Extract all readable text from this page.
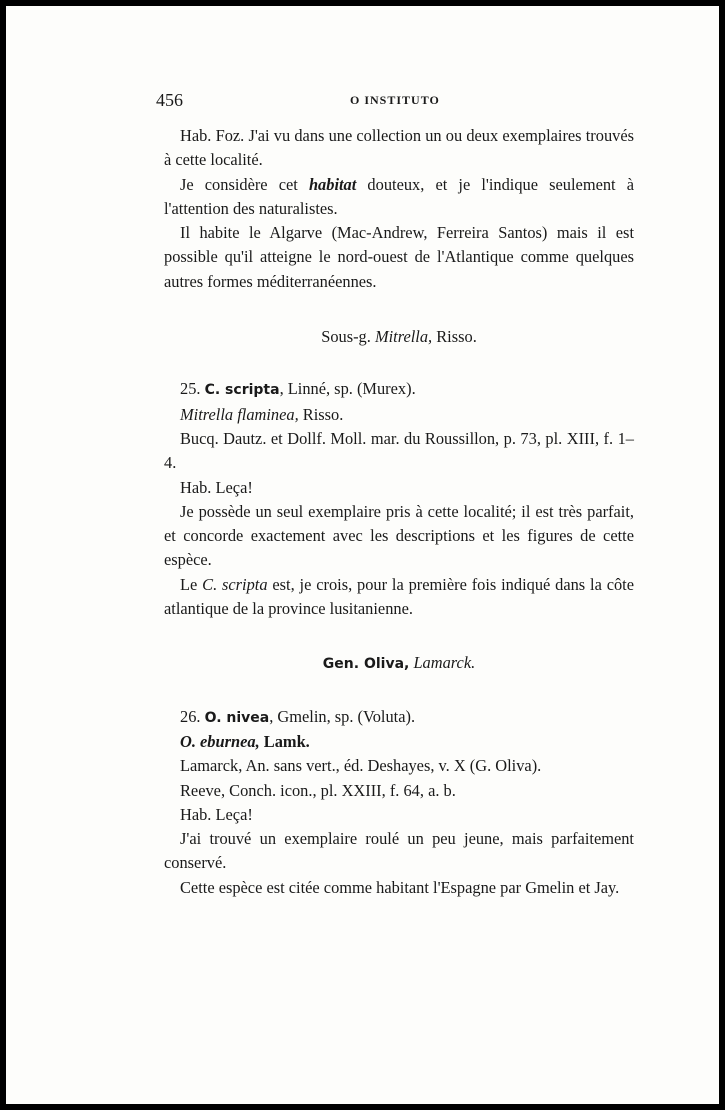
456	O INSTITUTO

Hab. Foz. J'ai vu dans une collection un ou deux exemplaires trouvés à cette localité.

Je considère cet habitat douteux, et je l'indique seulement à l'attention des naturalistes.

Il habite le Algarve (Mac-Andrew, Ferreira Santos) mais il est possible qu'il atteigne le nord-ouest de l'Atlantique comme quelques autres formes méditerranéennes.

Sous-g. Mitrella, Risso.

25. C. scripta, Linné, sp. (Murex).

Mitrella flaminea, Risso.

Bucq. Dautz. et Dollf. Moll. mar. du Roussillon, p. 73, pl. XIII, f. 1–4.

Hab. Leça!

Je possède un seul exemplaire pris à cette localité; il est très parfait, et concorde exactement avec les descriptions et les figures de cette espèce.

Le C. scripta est, je crois, pour la première fois indiqué dans la côte atlantique de la province lusitanienne.

Gen. Oliva, Lamarck.

26. O. nivea, Gmelin, sp. (Voluta).

O. eburnea, Lamk.

Lamarck, An. sans vert., éd. Deshayes, v. X (G. Oliva).

Reeve, Conch. icon., pl. XXIII, f. 64, a. b.

Hab. Leça!

J'ai trouvé un exemplaire roulé un peu jeune, mais parfaitement conservé.

Cette espèce est citée comme habitant l'Espagne par Gmelin et Jay.
